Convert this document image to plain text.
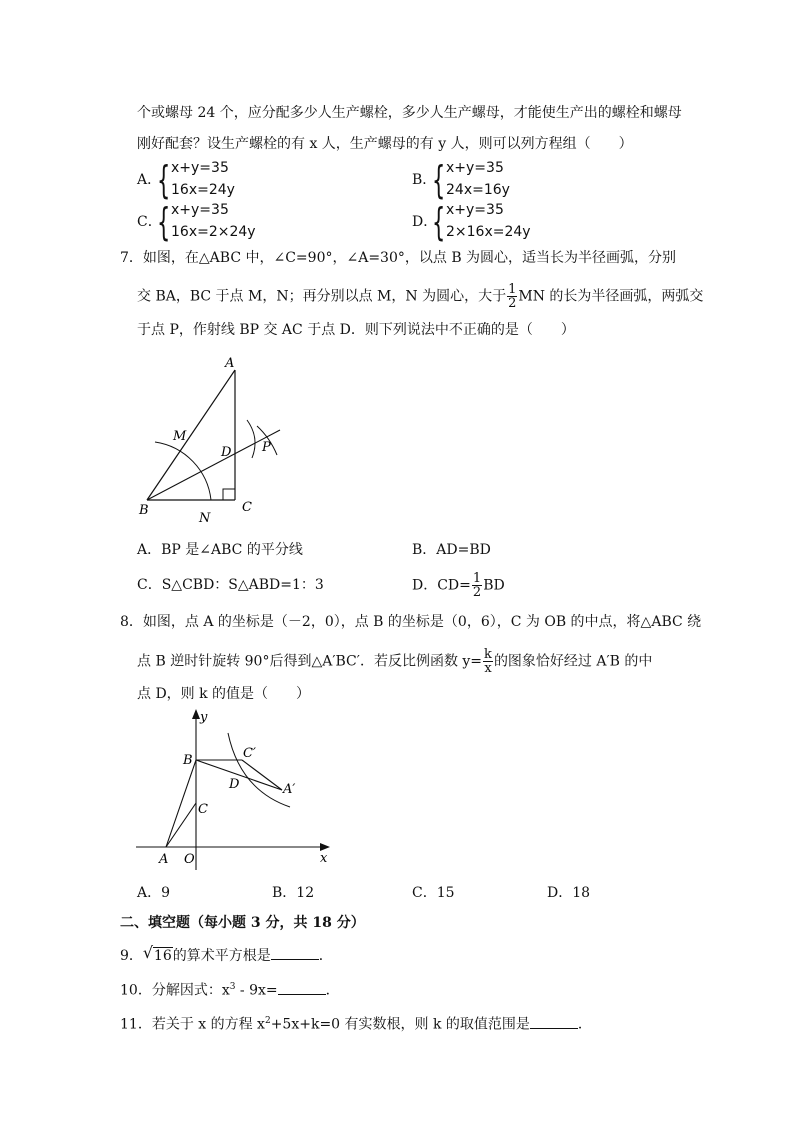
个或螺母 24 个，应分配多少人生产螺栓，多少人生产螺母，才能使生产出的螺栓和螺母
刚好配套？设生产螺栓的有 x 人，生产螺母的有 y 人，则可以列方程组（　　）
A．
{ x+y=35
16x=24y
B．
{ x+y=35
24x=16y
C．
{ x+y=35
16x=2×24y
D．
{ x+y=35
2×16x=24y
7．如图，在△ABC 中，∠C=90°，∠A=30°，以点 B 为圆心，适当长为半径画弧，分别
交 BA，BC 于点 M，N；再分别以点 M，N 为圆心，大于 $\frac{1}{2}$ MN 的长为半径画弧，两弧交
于点 P，作射线 BP 交 AC 于点 D．则下列说法中不正确的是（　　）
A
M
D P
C
B
N
A．BP 是∠ABC 的平分线	B．AD=BD
C．S△CBD：S△ABD=1：3	D．$CD= \frac{1}{2}$ BD
8．如图，点 A 的坐标是（－2，0），点 B 的坐标是（0，6），C 为 OB 的中点，将△ABC 绕
点 B 逆时针旋转 90°后得到△A′BC′．若反比例函数 $y= \frac{k}{x}$ 的图象恰好经过 A′B 的中
点 D，则 k 的值是（　　）
y
x
B	C′
D	A′
C
A O
A．9	B．12	C．15	D．18
二、填空题（每小题 3 分，共 18 分）
9． √ 16的算术平方根是	．
10．分解因式：$x^3 - 9x=$	．
11．若关于 x 的方程 $x^2+5x+k=0$ 有实数根，则 k 的取值范围是	．
